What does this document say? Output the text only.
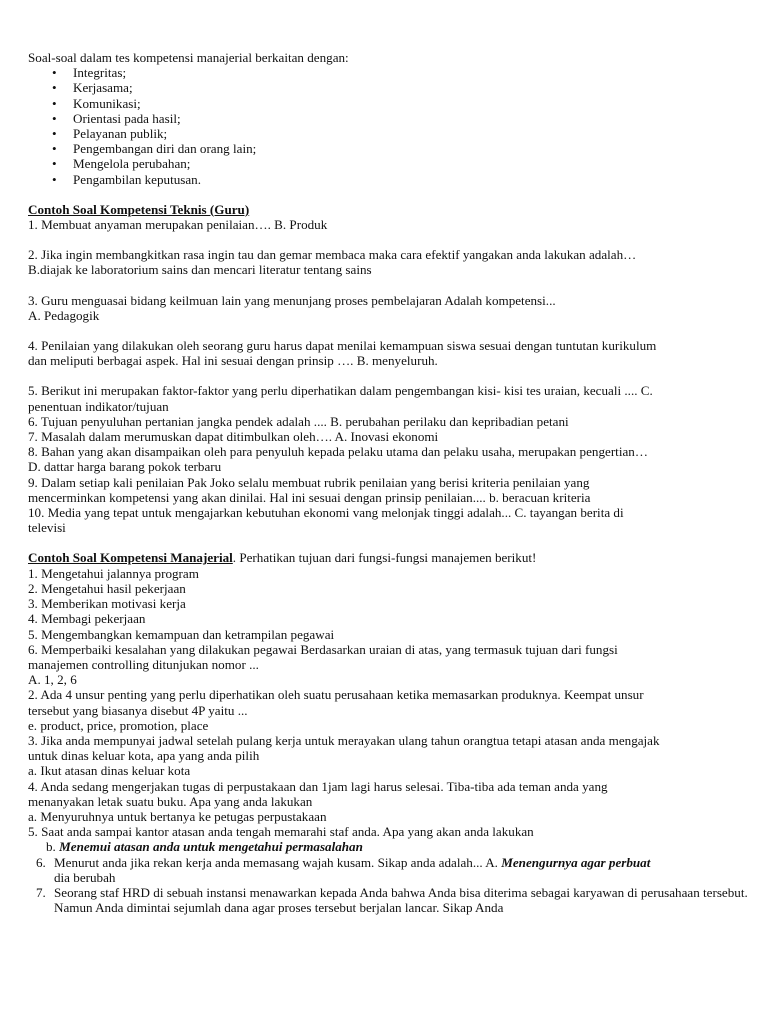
Soal-soal dalam tes kompetensi manajerial berkaitan dengan:
• Integritas;
• Kerjasama;
• Komunikasi;
• Orientasi pada hasil;
• Pelayanan publik;
• Pengembangan diri dan orang lain;
• Mengelola perubahan;
• Pengambilan keputusan.
Contoh Soal Kompetensi Teknis (Guru)
1. Membuat anyaman merupakan penilaian…. B. Produk
2. Jika ingin membangkitkan rasa ingin tau dan gemar membaca maka cara efektif yangakan anda lakukan adalah…
B.diajak ke laboratorium sains dan mencari literatur tentang sains
3. Guru menguasai bidang keilmuan lain yang menunjang proses pembelajaran Adalah kompetensi...
A. Pedagogik
4. Penilaian yang dilakukan oleh seorang guru harus dapat menilai kemampuan siswa sesuai dengan tuntutan kurikulum
dan meliputi berbagai aspek. Hal ini sesuai dengan prinsip …. B. menyeluruh.
5. Berikut ini merupakan faktor-faktor yang perlu diperhatikan dalam pengembangan kisi- kisi tes uraian, kecuali .... C.
penentuan indikator/tujuan
6. Tujuan penyuluhan pertanian jangka pendek adalah .... B. perubahan perilaku dan kepribadian petani
7. Masalah dalam merumuskan dapat ditimbulkan oleh…. A. Inovasi ekonomi
8. Bahan yang akan disampaikan oleh para penyuluh kepada pelaku utama dan pelaku usaha, merupakan pengertian…
D. dattar harga barang pokok terbaru
9. Dalam setiap kali penilaian Pak Joko selalu membuat rubrik penilaian yang berisi kriteria penilaian yang
mencerminkan kompetensi yang akan dinilai. Hal ini sesuai dengan prinsip penilaian.... b. beracuan kriteria
10. Media yang tepat untuk mengajarkan kebutuhan ekonomi vang melonjak tinggi adalah... C. tayangan berita di
televisi
Contoh Soal Kompetensi Manajerial. Perhatikan tujuan dari fungsi-fungsi manajemen berikut!
1. Mengetahui jalannya program
2. Mengetahui hasil pekerjaan
3. Memberikan motivasi kerja
4. Membagi pekerjaan
5. Mengembangkan kemampuan dan ketrampilan pegawai
6. Memperbaiki kesalahan yang dilakukan pegawai Berdasarkan uraian di atas, yang termasuk tujuan dari fungsi
manajemen controlling ditunjukan nomor ...
A. 1, 2, 6
2. Ada 4 unsur penting yang perlu diperhatikan oleh suatu perusahaan ketika memasarkan produknya. Keempat unsur
tersebut yang biasanya disebut 4P yaitu ...
e. product, price, promotion, place
3. Jika anda mempunyai jadwal setelah pulang kerja untuk merayakan ulang tahun orangtua tetapi atasan anda mengajak
untuk dinas keluar kota, apa yang anda pilih
a. Ikut atasan dinas keluar kota
4. Anda sedang mengerjakan tugas di perpustakaan dan 1jam lagi harus selesai. Tiba-tiba ada teman anda yang
menanyakan letak suatu buku. Apa yang anda lakukan
a. Menyuruhnya untuk bertanya ke petugas perpustakaan
5. Saat anda sampai kantor atasan anda tengah memarahi staf anda. Apa yang akan anda lakukan
b. Menemui atasan anda untuk mengetahui permasalahan
6. Menurut anda jika rekan kerja anda memasang wajah kusam. Sikap anda adalah... A. Menengurnya agar perbuat
dia berubah
7. Seorang staf HRD di sebuah instansi menawarkan kepada Anda bahwa Anda bisa diterima sebagai karyawan di perusahaan tersebut. Namun Anda dimintai sejumlah dana agar proses tersebut berjalan lancar. Sikap Anda
